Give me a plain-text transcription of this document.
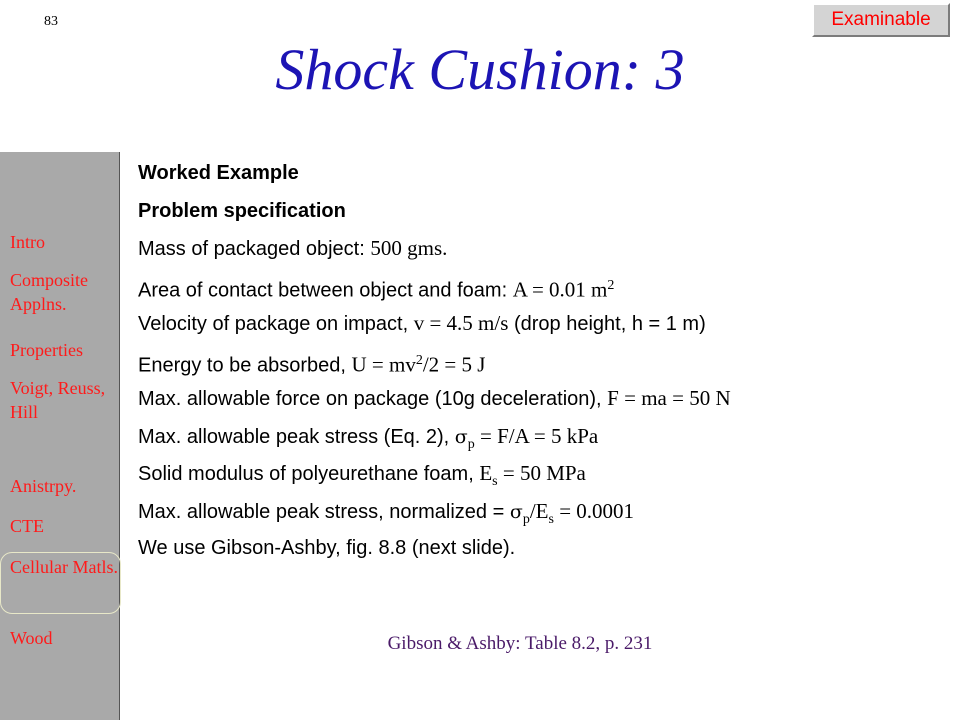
83	Examinable
Shock Cushion: 3
Intro
Composite Applns.
Properties
Voigt, Reuss, Hill
Anistrpy.
CTE
Cellular Matls.
Wood
Worked Example
Problem specification
Mass of packaged object: 500 gms.
Area of contact between object and foam: A = 0.01 $m^2$
Velocity of package on impact, v = 4.5 m/s (drop height, h = 1 m)
Energy to be absorbed, $U = mv^2/2 = 5$ J
Max. allowable force on package (10g deceleration), F = ma = 50 N
Max. allowable peak stress (Eq. 2), $\sigma_p = F/A = 5$ kPa
Solid modulus of polyeurethane foam, $E_s = 50$ MPa
Max. allowable peak stress, normalized = $\sigma_p/E_s = 0.0001$
We use Gibson-Ashby, fig. 8.8 (next slide).
Gibson & Ashby: Table 8.2, p. 231
